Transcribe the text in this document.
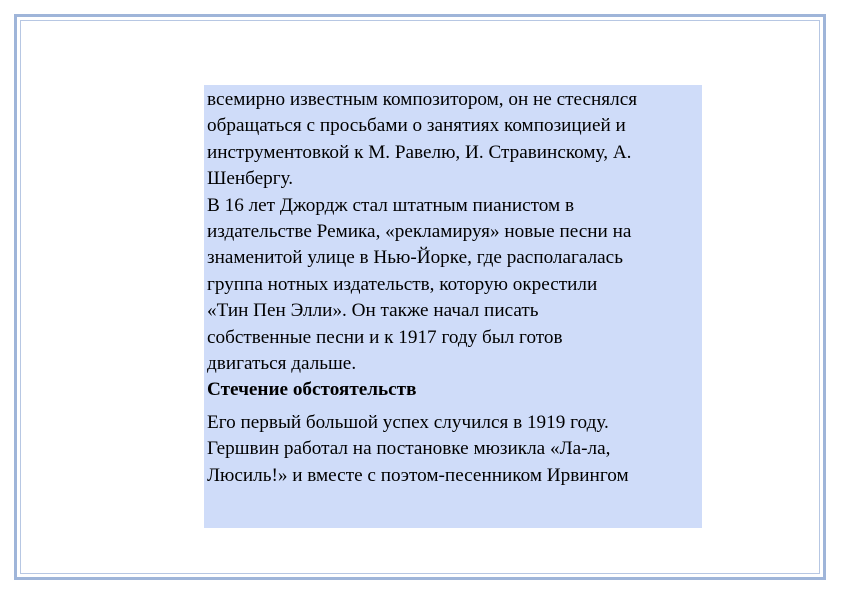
всемирно известным композитором, он не стеснялся
обращаться с просьбами о занятиях композицией и
инструментовкой к М. Равелю, И. Стравинскому, А.
Шенбергу.

В 16 лет Джордж стал штатным пианистом в
издательстве Ремика, «рекламируя» новые песни на
знаменитой улице в Нью-Йорке, где располагалась
группа нотных издательств, которую окрестили
«Тин Пен Элли». Он также начал писать
собственные песни и к 1917 году был готов
двигаться дальше.

Стечение обстоятельств

Его первый большой успех случился в 1919 году.
Гершвин работал на постановке мюзикла «Ла-ла,
Люсиль!» и вместе с поэтом-песенником Ирвингом
